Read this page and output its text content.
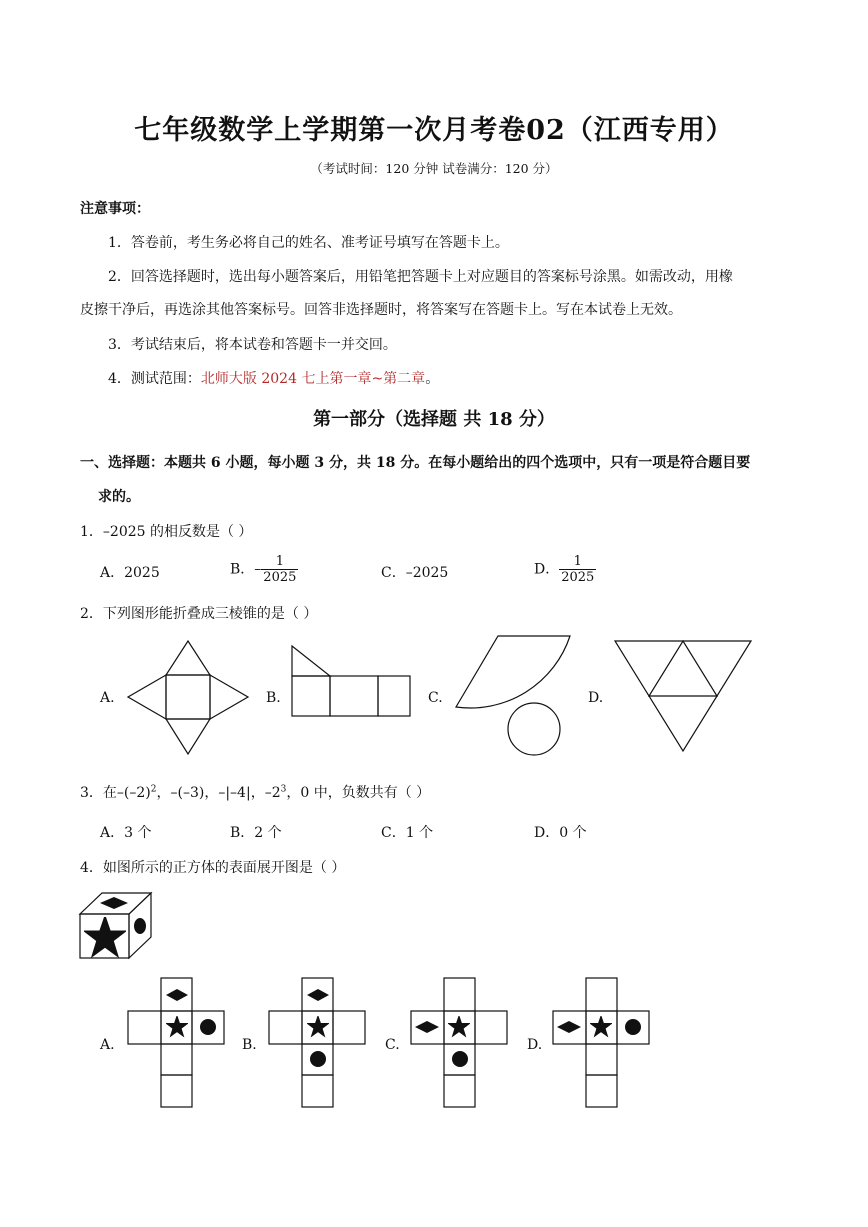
七年级数学上学期第一次月考卷02（江西专用）
（考试时间：120 分钟 试卷满分：120 分）
注意事项：
1．答卷前，考生务必将自己的姓名、准考证号填写在答题卡上。
2．回答选择题时，选出每小题答案后，用铅笔把答题卡上对应题目的答案标号涂黑。如需改动，用橡
皮擦干净后，再选涂其他答案标号。回答非选择题时，将答案写在答题卡上。写在本试卷上无效。
3．考试结束后，将本试卷和答题卡一并交回。
4．测试范围：北师大版 2024 七上第一章~第二章。
第一部分（选择题 共 18 分）
一、选择题：本题共 6 小题，每小题 3 分，共 18 分。在每小题给出的四个选项中，只有一项是符合题目要
求的。
1．–2025 的相反数是（ ）
A．2025	B．– $\frac{1}{2025}$	C．–2025	D． $\frac{1}{2025}$
2．下列图形能折叠成三棱锥的是（ ）
A.	B.	C.	D.
3．在$-(-2)^2$，–(–3)，–|–4|，$-2^3$，0 中，负数共有（ ）
A．3 个	B．2 个	C．1 个	D．0 个
4．如图所示的正方体的表面展开图是（ ）
A.	B.	C.	D.
